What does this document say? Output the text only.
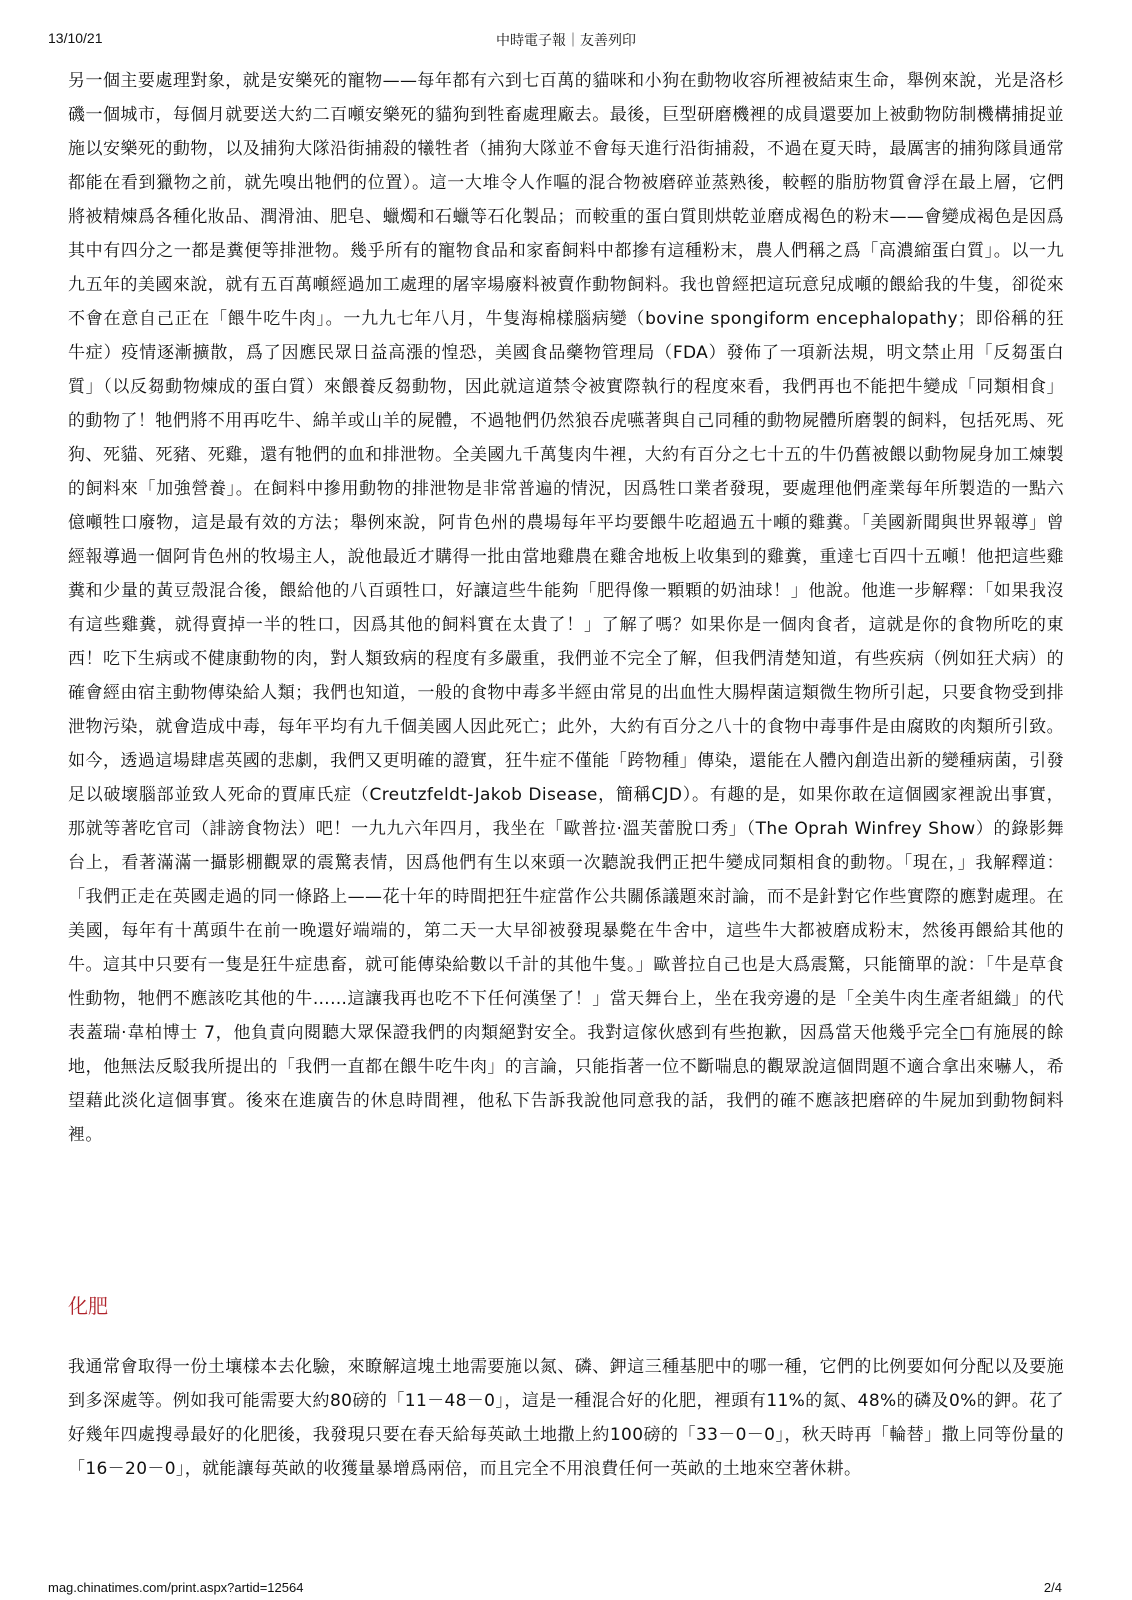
13/10/21	中時電子報｜友善列印

另一個主要處理對象，就是安樂死的寵物——每年都有六到七百萬的貓咪和小狗在動物收容所裡被結束生命，舉例來說，光是洛杉磯一個城市，每個月就要送大約二百噸安樂死的貓狗到牲畜處理廠去。最後，巨型研磨機裡的成員還要加上被動物防制機構捕捉並施以安樂死的動物，以及捕狗大隊沿街捕殺的犧牲者（捕狗大隊並不會每天進行沿街捕殺，不過在夏天時，最厲害的捕狗隊員通常都能在看到獵物之前，就先嗅出牠們的位置）。這一大堆令人作嘔的混合物被磨碎並蒸熟後，較輕的脂肪物質會浮在最上層，它們將被精煉爲各種化妝品、潤滑油、肥皂、蠟燭和石蠟等石化製品；而較重的蛋白質則烘乾並磨成褐色的粉末——會變成褐色是因爲其中有四分之一都是糞便等排泄物。幾乎所有的寵物食品和家畜飼料中都摻有這種粉末，農人們稱之爲「高濃縮蛋白質」。以一九九五年的美國來說，就有五百萬噸經過加工處理的屠宰場廢料被賣作動物飼料。我也曾經把這玩意兒成噸的餵給我的牛隻，卻從來不會在意自己正在「餵牛吃牛肉」。一九九七年八月，牛隻海棉樣腦病變（bovine spongiform encephalopathy；即俗稱的狂牛症）疫情逐漸擴散，爲了因應民眾日益高漲的惶恐，美國食品藥物管理局（FDA）發佈了一項新法規，明文禁止用「反芻蛋白質」（以反芻動物煉成的蛋白質）來餵養反芻動物，因此就這道禁令被實際執行的程度來看，我們再也不能把牛變成「同類相食」的動物了！牠們將不用再吃牛、綿羊或山羊的屍體，不過牠們仍然狼吞虎嚥著與自己同種的動物屍體所磨製的飼料，包括死馬、死狗、死貓、死豬、死雞，還有牠們的血和排泄物。全美國九千萬隻肉牛裡，大約有百分之七十五的牛仍舊被餵以動物屍身加工煉製的飼料來「加強營養」。在飼料中摻用動物的排泄物是非常普遍的情況，因爲牲口業者發現，要處理他們產業每年所製造的一點六億噸牲口廢物，這是最有效的方法；舉例來說，阿肯色州的農場每年平均要餵牛吃超過五十噸的雞糞。「美國新聞與世界報導」曾經報導過一個阿肯色州的牧場主人，說他最近才購得一批由當地雞農在雞舍地板上收集到的雞糞，重達七百四十五噸！他把這些雞糞和少量的黃豆殼混合後，餵給他的八百頭牲口，好讓這些牛能夠「肥得像一顆顆的奶油球！」他說。他進一步解釋：「如果我沒有這些雞糞，就得賣掉一半的牲口，因爲其他的飼料實在太貴了！」了解了嗎？如果你是一個肉食者，這就是你的食物所吃的東西！吃下生病或不健康動物的肉，對人類致病的程度有多嚴重，我們並不完全了解，但我們清楚知道，有些疾病（例如狂犬病）的確會經由宿主動物傳染給人類；我們也知道，一般的食物中毒多半經由常見的出血性大腸桿菌這類微生物所引起，只要食物受到排泄物污染，就會造成中毒，每年平均有九千個美國人因此死亡；此外，大約有百分之八十的食物中毒事件是由腐敗的肉類所引致。如今，透過這場肆虐英國的悲劇，我們又更明確的證實，狂牛症不僅能「跨物種」傳染，還能在人體內創造出新的變種病菌，引發足以破壞腦部並致人死命的賈庫氏症（Creutzfeldt-Jakob Disease，簡稱CJD）。有趣的是，如果你敢在這個國家裡說出事實，那就等著吃官司（誹謗食物法）吧！一九九六年四月，我坐在「歐普拉‧溫芙蕾脫口秀」（The Oprah Winfrey Show）的錄影舞台上，看著滿滿一攝影棚觀眾的震驚表情，因爲他們有生以來頭一次聽說我們正把牛變成同類相食的動物。「現在，」我解釋道：「我們正走在英國走過的同一條路上——花十年的時間把狂牛症當作公共關係議題來討論，而不是針對它作些實際的應對處理。在美國，每年有十萬頭牛在前一晚還好端端的，第二天一大早卻被發現暴斃在牛舍中，這些牛大都被磨成粉末，然後再餵給其他的牛。這其中只要有一隻是狂牛症患畜，就可能傳染給數以千計的其他牛隻。」歐普拉自己也是大爲震驚，只能簡單的說：「牛是草食性動物，牠們不應該吃其他的牛……這讓我再也吃不下任何漢堡了！」當天舞台上，坐在我旁邊的是「全美牛肉生產者組織」的代表蓋瑞‧韋柏博士 7，他負責向閱聽大眾保證我們的肉類絕對安全。我對這傢伙感到有些抱歉，因爲當天他幾乎完全□有施展的餘地，他無法反駁我所提出的「我們一直都在餵牛吃牛肉」的言論，只能指著一位不斷喘息的觀眾說這個問題不適合拿出來嚇人，希望藉此淡化這個事實。後來在進廣告的休息時間裡，他私下告訴我說他同意我的話，我們的確不應該把磨碎的牛屍加到動物飼料裡。

化肥

我通常會取得一份土壤樣本去化驗，來瞭解這塊土地需要施以氮、磷、鉀這三種基肥中的哪一種，它們的比例要如何分配以及要施到多深處等。例如我可能需要大約80磅的「11－48－0」，這是一種混合好的化肥，裡頭有11%的氮、48%的磷及0%的鉀。花了好幾年四處搜尋最好的化肥後，我發現只要在春天給每英畝土地撒上約100磅的「33－0－0」，秋天時再「輪替」撒上同等份量的「16－20－0」，就能讓每英畝的收獲量暴增爲兩倍，而且完全不用浪費任何一英畝的土地來空著休耕。

mag.chinatimes.com/print.aspx?artid=12564	2/4
